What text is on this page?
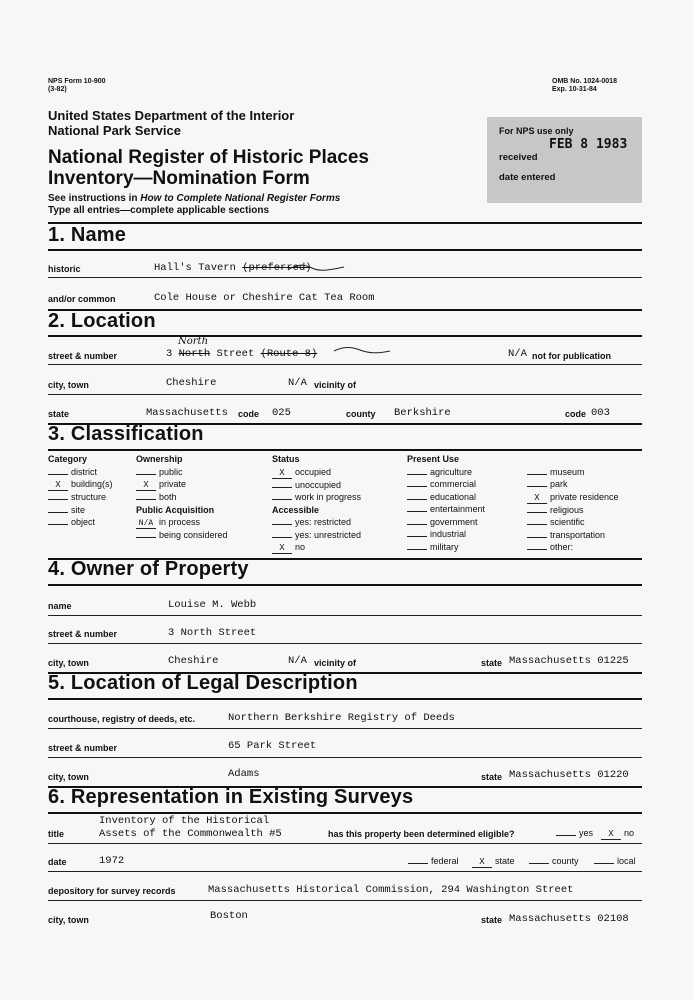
NPS Form 10-900
(3-82)
OMB No. 1024-0018
Exp. 10-31-84
United States Department of the Interior
National Park Service
National Register of Historic Places
Inventory—Nomination Form
See instructions in How to Complete National Register Forms
Type all entries—complete applicable sections
For NPS use only
received
FEB 8 1983
date entered
1. Name
historic	Hall's Tavern (preferred)
and/or common	Cole House or Cheshire Cat Tea Room
2. Location
North
street & number	3 North Street (Route 8)	N/A not for publication
city, town	Cheshire	N/A vicinity of
state	Massachusetts code 025	county Berkshire	code 003
3. Classification
Category
district
X building(s)
structure
site
object
Ownership
public
X private
both
Public Acquisition
N/A in process
being considered
Status
X occupied
unoccupied
work in progress
Accessible
yes: restricted
yes: unrestricted
X no
Present Use
agriculture
commercial
educational
entertainment
government
industrial
military
museum
park
X private residence
religious
scientific
transportation
other:
4. Owner of Property
name	Louise M. Webb
street & number	3 North Street
city, town	Cheshire	N/A vicinity of	state Massachusetts 01225
5. Location of Legal Description
courthouse, registry of deeds, etc.	Northern Berkshire Registry of Deeds
street & number	65 Park Street
city, town	Adams	state Massachusetts 01220
6. Representation in Existing Surveys
title
Inventory of the Historical
Assets of the Commonwealth #5	has this property been determined eligible?	yes	X no
date	1972	federal	X state	county	local
depository for survey records	Massachusetts Historical Commission, 294 Washington Street
city, town	Boston	state Massachusetts 02108
